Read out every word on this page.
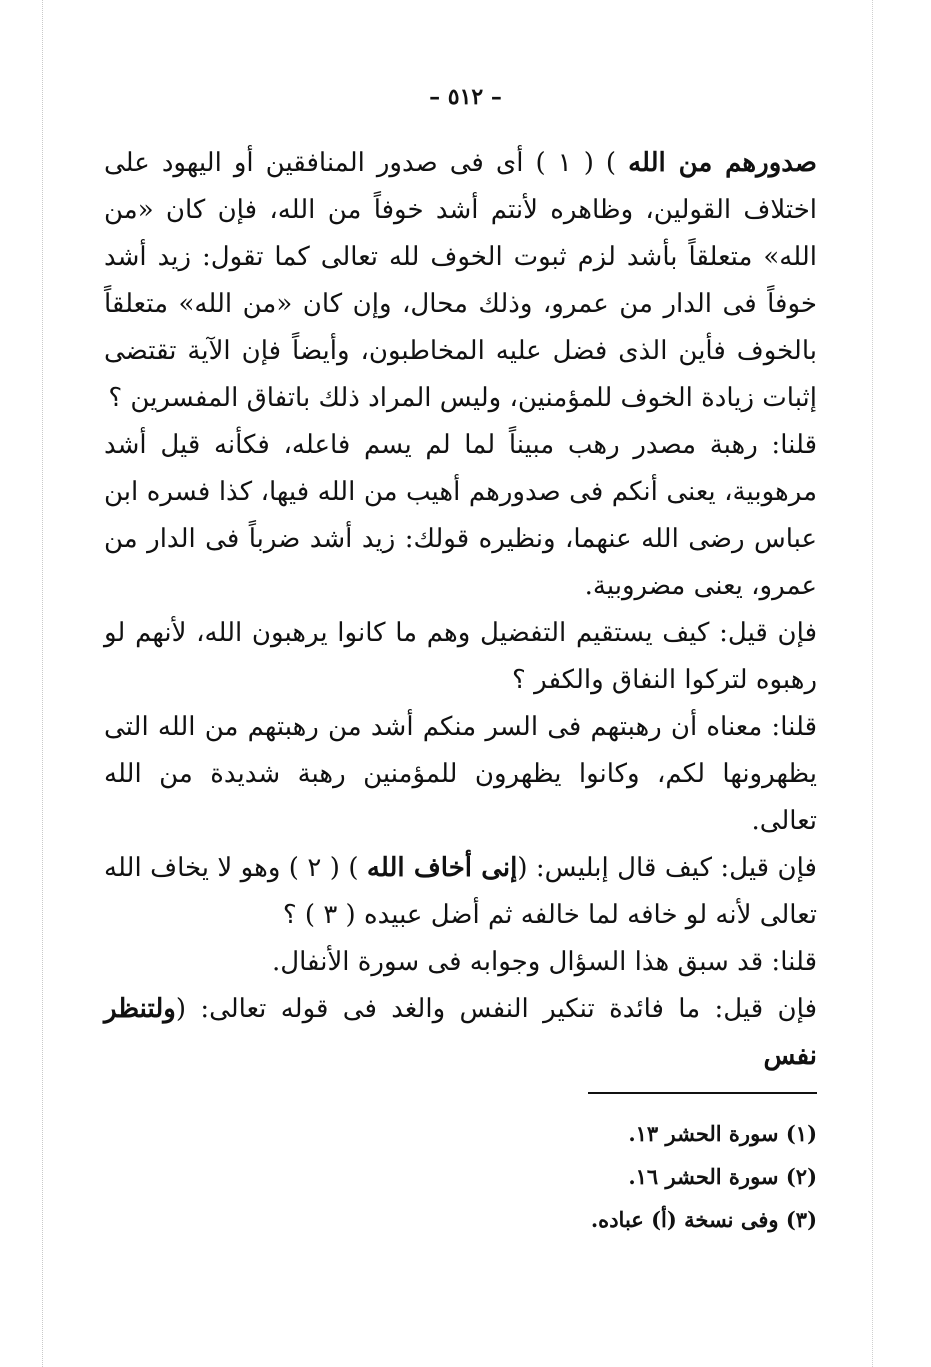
– ٥١٢ –

صدورهم من الله ) ( ١ ) أى فى صدور المنافقين أو اليهود على اختلاف القولين، وظاهره لأنتم أشد خوفاً من الله، فإن كان «من الله» متعلقاً بأشد لزم ثبوت الخوف لله تعالى كما تقول: زيد أشد خوفاً فى الدار من عمرو، وذلك محال، وإن كان «من الله» متعلقاً بالخوف فأين الذى فضل عليه المخاطبون، وأيضاً فإن الآية تقتضى إثبات زيادة الخوف للمؤمنين، وليس المراد ذلك باتفاق المفسرين ؟

قلنا: رهبة مصدر رهب مبيناً لما لم يسم فاعله، فكأنه قيل أشد مرهوبية، يعنى أنكم فى صدورهم أهيب من الله فيها، كذا فسره ابن عباس رضى الله عنهما، ونظيره قولك: زيد أشد ضرباً فى الدار من عمرو، يعنى مضروبية.

فإن قيل: كيف يستقيم التفضيل وهم ما كانوا يرهبون الله، لأنهم لو رهبوه لتركوا النفاق والكفر ؟

قلنا: معناه أن رهبتهم فى السر منكم أشد من رهبتهم من الله التى يظهرونها لكم، وكانوا يظهرون للمؤمنين رهبة شديدة من الله تعالى.

فإن قيل: كيف قال إبليس: (إنى أخاف الله ) ( ٢ ) وهو لا يخاف الله تعالى لأنه لو خافه لما خالفه ثم أضل عبيده ( ٣ ) ؟

قلنا: قد سبق هذا السؤال وجوابه فى سورة الأنفال.

فإن قيل: ما فائدة تنكير النفس والغد فى قوله تعالى: (ولتنظر نفس

(١) سورة الحشر ١٣.

(٢) سورة الحشر ١٦.

(٣) وفى نسخة (أ) عباده.
